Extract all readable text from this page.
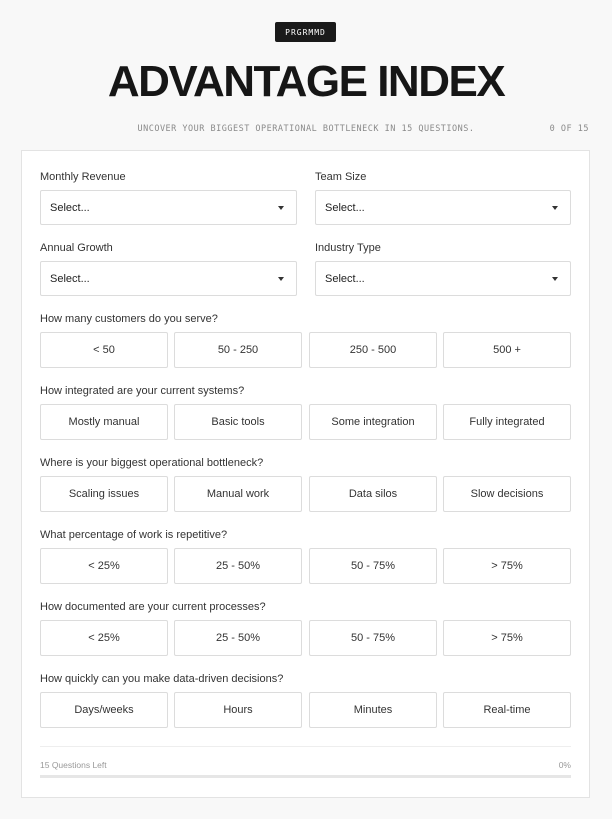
PRGRMMD
ADVANTAGE INDEX
UNCOVER YOUR BIGGEST OPERATIONAL BOTTLENECK IN 15 QUESTIONS.	0 OF 15
Monthly Revenue
Select...
Team Size
Select...
Annual Growth
Select...
Industry Type
Select...
How many customers do you serve?
< 50	50 - 250	250 - 500	500 +
How integrated are your current systems?
Mostly manual	Basic tools	Some integration	Fully integrated
Where is your biggest operational bottleneck?
Scaling issues	Manual work	Data silos	Slow decisions
What percentage of work is repetitive?
< 25%	25 - 50%	50 - 75%	> 75%
How documented are your current processes?
< 25%	25 - 50%	50 - 75%	> 75%
How quickly can you make data-driven decisions?
Days/weeks	Hours	Minutes	Real-time
15 Questions Left	0%
